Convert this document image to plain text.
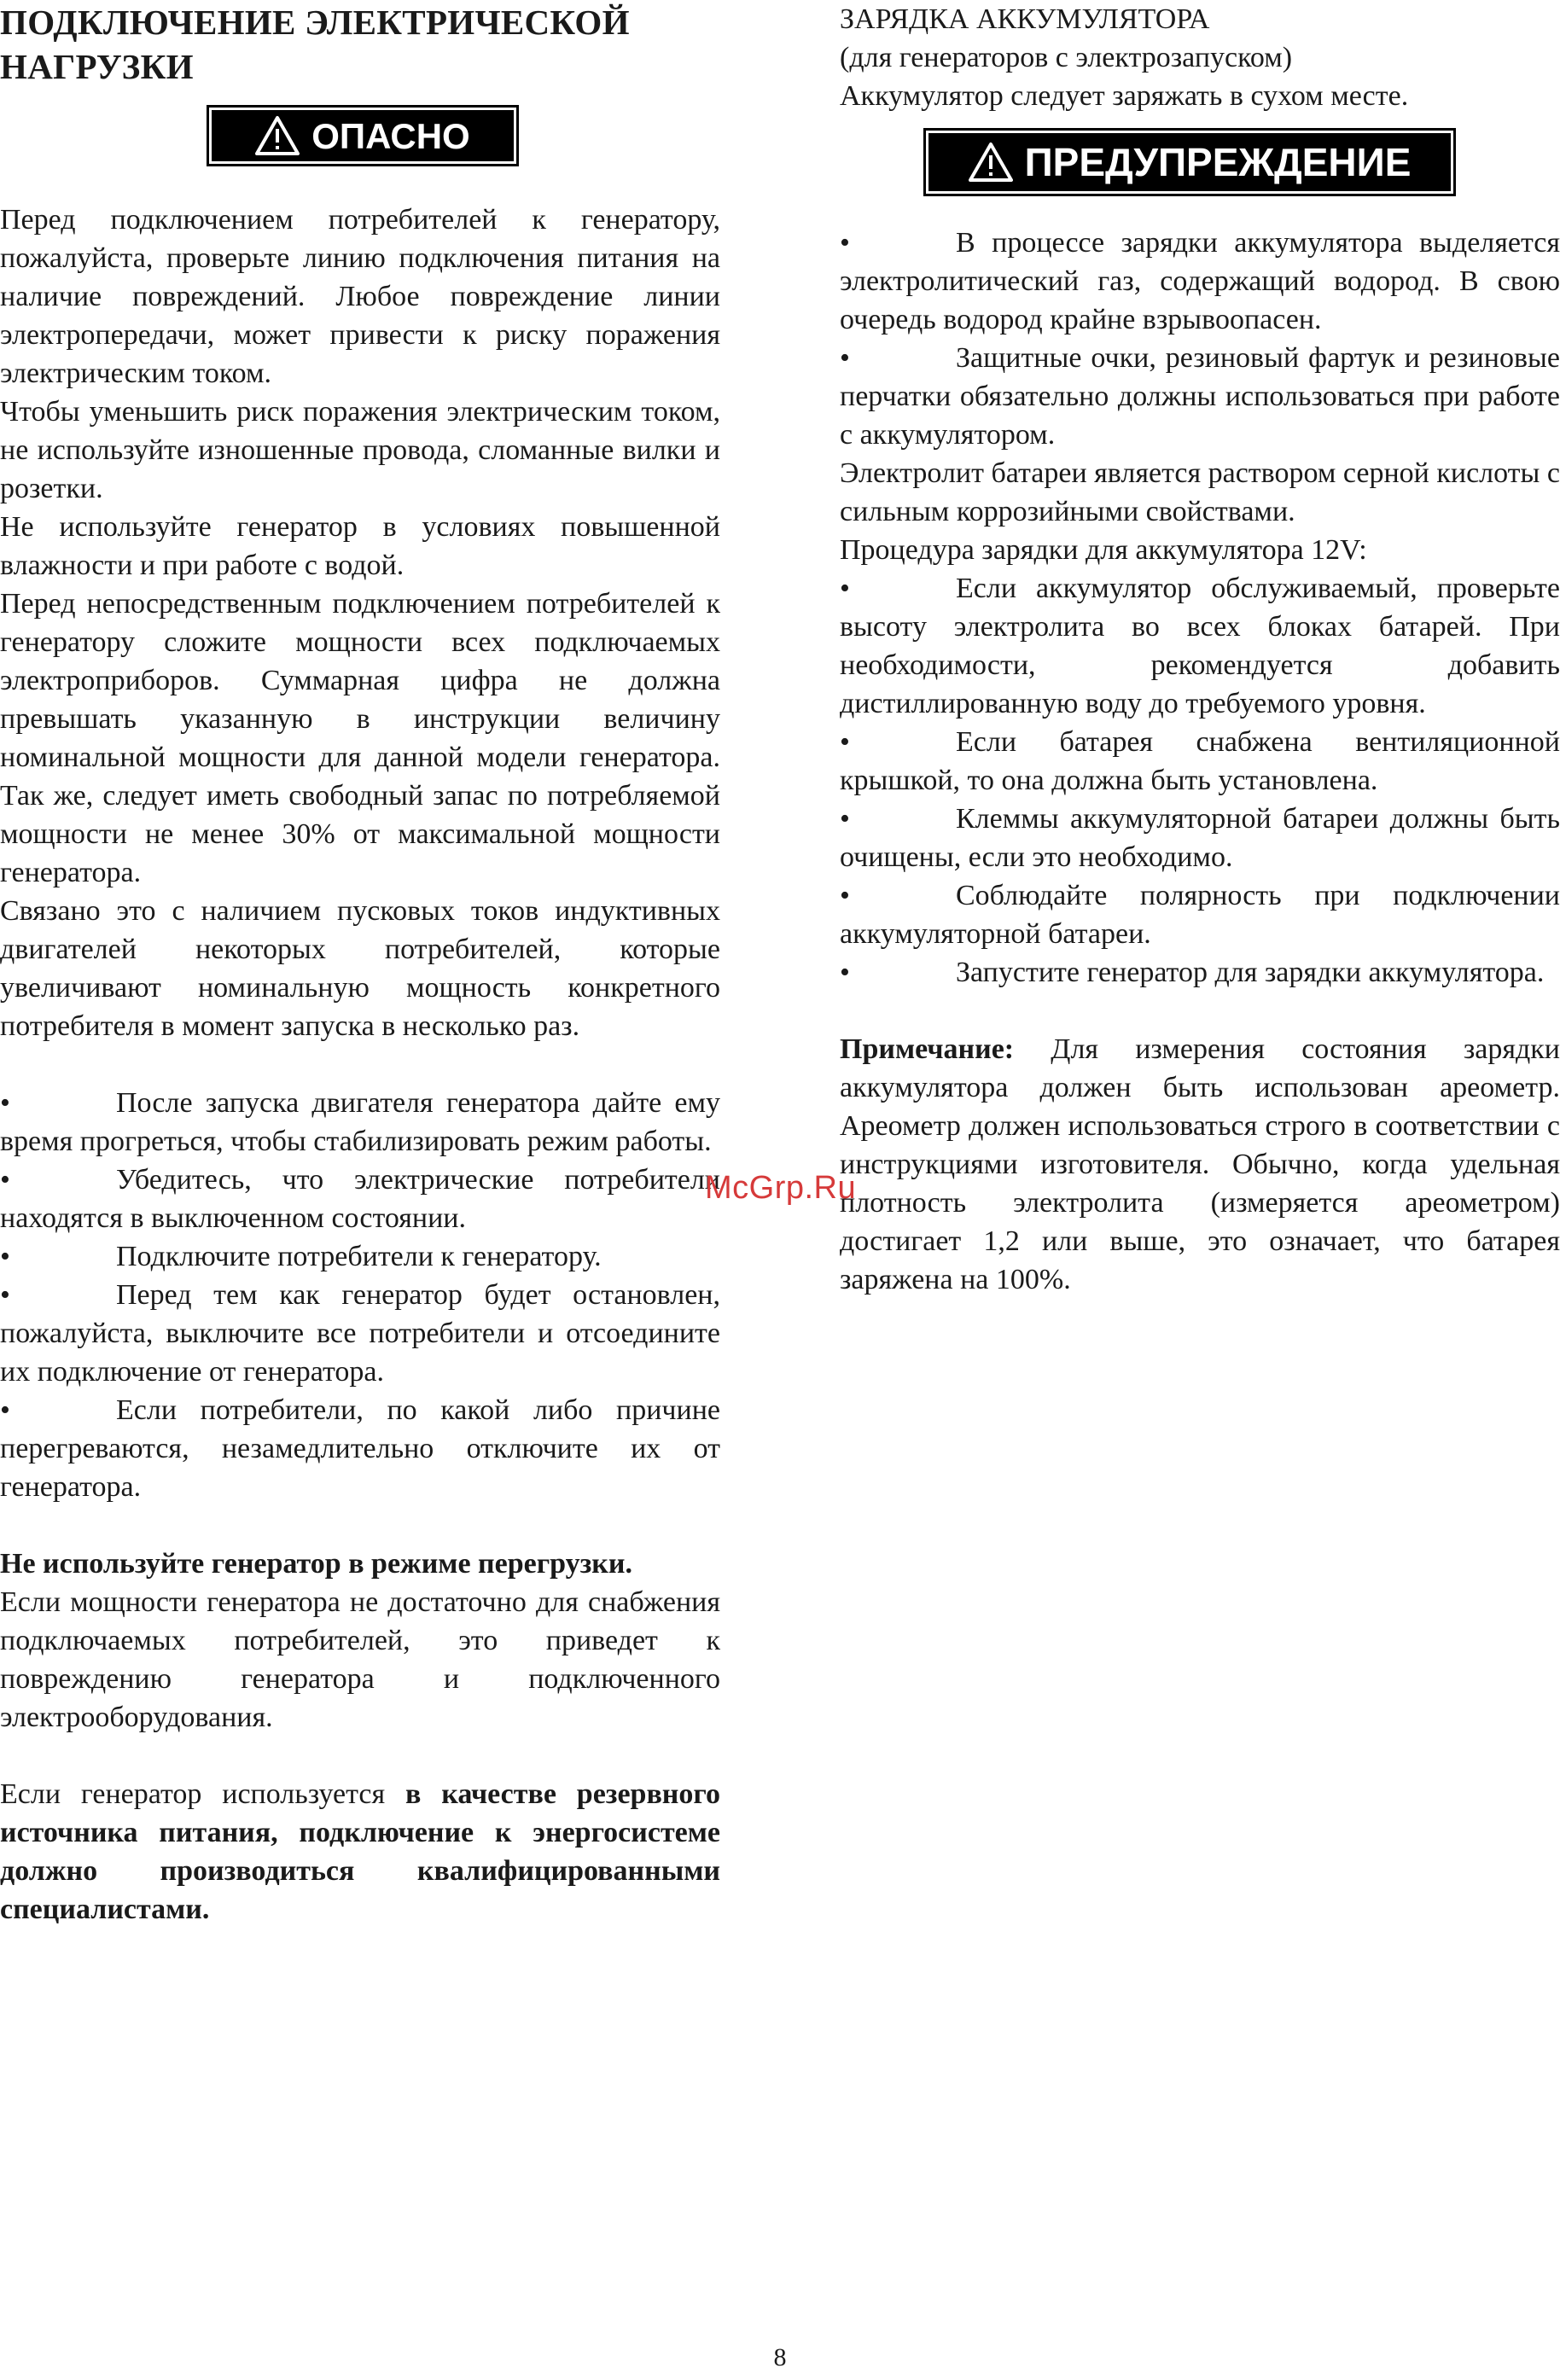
ПОДКЛЮЧЕНИЕ ЭЛЕКТРИЧЕСКОЙ НАГРУЗКИ

Перед подключением потребителей к генератору, пожалуйста, проверьте линию подключения питания на наличие повреждений. Любое повреждение линии электропередачи, может привести к риску поражения электрическим током.

Чтобы уменьшить риск поражения электрическим током, не используйте изношенные провода, сломанные вилки и розетки.

Не используйте генератор в условиях повышенной влажности и при работе с водой.

Перед непосредственным подключением потребителей к генератору сложите мощности всех подключаемых электроприборов. Суммарная цифра не должна превышать указанную в инструкции величину номинальной мощности для данной модели генератора. Так же, следует иметь свободный запас по потребляемой мощности не менее 30% от максимальной мощности генератора.

Связано это с наличием пусковых токов индуктивных двигателей некоторых потребителей, которые увеличивают номинальную мощность конкретного потребителя в момент запуска в несколько раз.

•	После запуска двигателя генератора дайте ему время прогреться, чтобы стабилизировать режим работы.

•	Убедитесь, что электрические потребители находятся в выключенном состоянии.

•	Подключите потребители к генератору.

•	Перед тем как генератор будет остановлен, пожалуйста, выключите все потребители и отсоедините их подключение от генератора.

•	Если потребители, по какой либо причине перегреваются, незамедлительно отключите их от генератора.

Не используйте генератор в режиме перегрузки.

Если мощности генератора не достаточно для снабжения подключаемых потребителей, это приведет к повреждению генератора и подключенного электрооборудования.

Если генератор используется в качестве резервного источника питания, подключение к энергосистеме должно производиться квалифицированными специалистами.

ОПАСНО

ЗАРЯДКА АККУМУЛЯТОРА

(для генераторов с электрозапуском)

Аккумулятор следует заряжать в сухом месте.

•	В процессе зарядки аккумулятора выделяется электролитический газ, содержащий водород. В свою очередь водород крайне взрывоопасен.

•	Защитные очки, резиновый фартук и резиновые перчатки обязательно должны использоваться при работе с аккумулятором.

Электролит батареи является раствором серной кислоты с сильным коррозийными свойствами.

Процедура зарядки для аккумулятора 12V:

•	Если аккумулятор обслуживаемый, проверьте высоту электролита во всех блоках батарей. При необходимости, рекомендуется добавить дистиллированную воду до требуемого уровня.

•	Если батарея снабжена вентиляционной крышкой, то она должна быть установлена.

•	Клеммы аккумуляторной батареи должны быть очищены, если это необходимо.

•	Соблюдайте полярность при подключении аккумуляторной батареи.

•	Запустите генератор для зарядки аккумулятора.

Примечание: Для измерения состояния зарядки аккумулятора должен быть использован ареометр. Ареометр должен использоваться строго в соответствии с инструкциями изготовителя. Обычно, когда удельная плотность электролита (измеряется ареометром) достигает 1,2 или выше, это означает, что батарея заряжена на 100%.

ПРЕДУПРЕЖДЕНИЕ
McGrp.Ru
8
